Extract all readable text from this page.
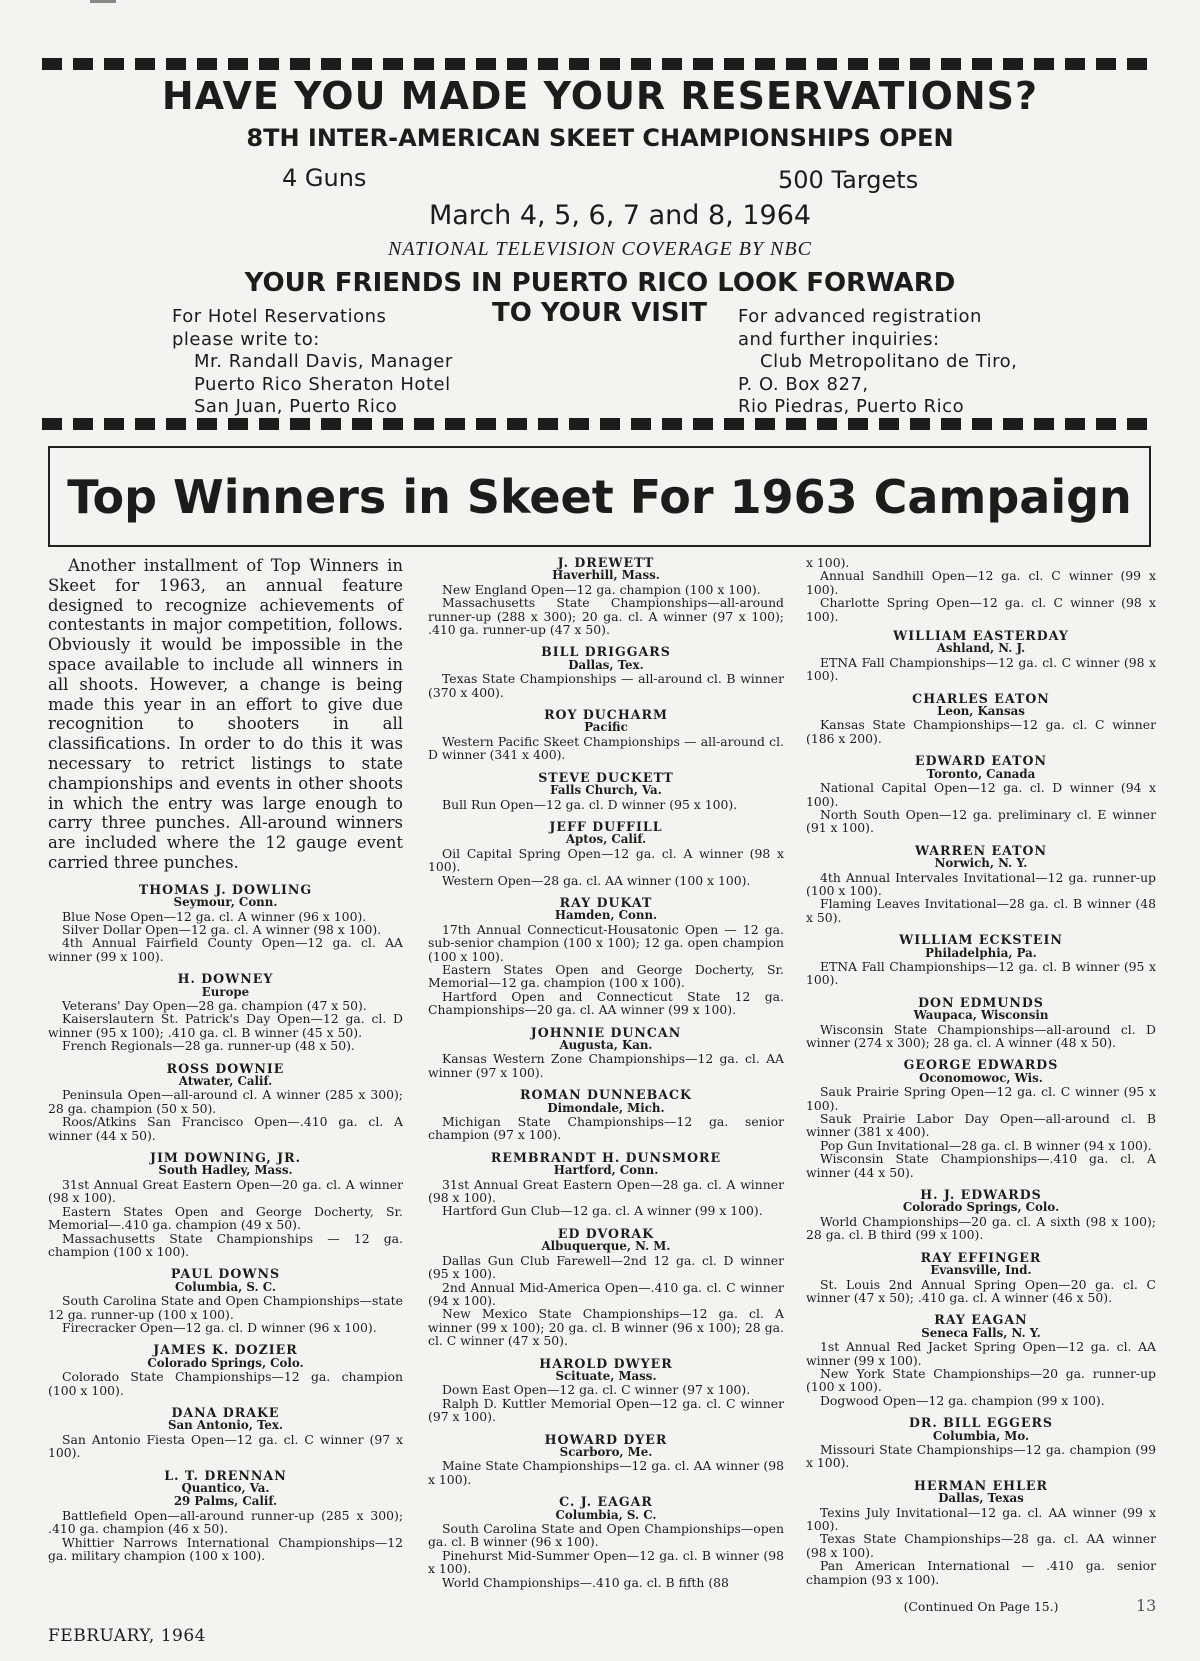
HAVE YOU MADE YOUR RESERVATIONS?
8TH INTER-AMERICAN SKEET CHAMPIONSHIPS OPEN
4 Guns	500 Targets
March 4, 5, 6, 7 and 8, 1964
NATIONAL TELEVISION COVERAGE BY NBC
YOUR FRIENDS IN PUERTO RICO LOOK FORWARD
TO YOUR VISIT
For Hotel Reservations
please write to:
Mr. Randall Davis, Manager
Puerto Rico Sheraton Hotel
San Juan, Puerto Rico
For advanced registration
and further inquiries:
Club Metropolitano de Tiro,
P. O. Box 827,
Rio Piedras, Puerto Rico
Top Winners in Skeet For 1963 Campaign

Another installment of Top Winners in Skeet for 1963, an annual feature designed to recognize achievements of contestants in major competition, follows. Obviously it would be impossible in the space available to include all winners in all shoots. However, a change is being made this year in an effort to give due recognition to shooters in all classifications. In order to do this it was necessary to retrict listings to state championships and events in other shoots in which the entry was large enough to carry three punches. All-around winners are included where the 12 gauge event carried three punches.

THOMAS J. DOWLING
Seymour, Conn.
Blue Nose Open—12 ga. cl. A winner (96 x 100).
Silver Dollar Open—12 ga. cl. A winner (98 x 100).
4th Annual Fairfield County Open—12 ga. cl. AA winner (99 x 100).
H. DOWNEY
Europe
Veterans' Day Open—28 ga. champion (47 x 50).
Kaiserslautern St. Patrick's Day Open—12 ga. cl. D winner (95 x 100); .410 ga. cl. B winner (45 x 50).
French Regionals—28 ga. runner-up (48 x 50).
ROSS DOWNIE
Atwater, Calif.
Peninsula Open—all-around cl. A winner (285 x 300); 28 ga. champion (50 x 50).
Roos/Atkins San Francisco Open—.410 ga. cl. A winner (44 x 50).
JIM DOWNING, JR.
South Hadley, Mass.
31st Annual Great Eastern Open—20 ga. cl. A winner (98 x 100).
Eastern States Open and George Docherty, Sr. Memorial—.410 ga. champion (49 x 50).
Massachusetts State Championships — 12 ga. champion (100 x 100).
PAUL DOWNS
Columbia, S. C.
South Carolina State and Open Championships—state 12 ga. runner-up (100 x 100).
Firecracker Open—12 ga. cl. D winner (96 x 100).
JAMES K. DOZIER
Colorado Springs, Colo.
Colorado State Championships—12 ga. champion (100 x 100).
DANA DRAKE
San Antonio, Tex.
San Antonio Fiesta Open—12 ga. cl. C winner (97 x 100).
L. T. DRENNAN
Quantico, Va.
29 Palms, Calif.
Battlefield Open—all-around runner-up (285 x 300); .410 ga. champion (46 x 50).
Whittier Narrows International Championships—12 ga. military champion (100 x 100).
J. DREWETT
Haverhill, Mass.
New England Open—12 ga. champion (100 x 100).
Massachusetts State Championships—all-around runner-up (288 x 300); 20 ga. cl. A winner (97 x 100); .410 ga. runner-up (47 x 50).
BILL DRIGGARS
Dallas, Tex.
Texas State Championships — all-around cl. B winner (370 x 400).
ROY DUCHARM
Pacific
Western Pacific Skeet Championships — all-around cl. D winner (341 x 400).
STEVE DUCKETT
Falls Church, Va.
Bull Run Open—12 ga. cl. D winner (95 x 100).
JEFF DUFFILL
Aptos, Calif.
Oil Capital Spring Open—12 ga. cl. A winner (98 x 100).
Western Open—28 ga. cl. AA winner (100 x 100).
RAY DUKAT
Hamden, Conn.
17th Annual Connecticut-Housatonic Open — 12 ga. sub-senior champion (100 x 100); 12 ga. open champion (100 x 100).
Eastern States Open and George Docherty, Sr. Memorial—12 ga. champion (100 x 100).
Hartford Open and Connecticut State 12 ga. Championships—20 ga. cl. AA winner (99 x 100).
JOHNNIE DUNCAN
Augusta, Kan.
Kansas Western Zone Championships—12 ga. cl. AA winner (97 x 100).
ROMAN DUNNEBACK
Dimondale, Mich.
Michigan State Championships—12 ga. senior champion (97 x 100).
REMBRANDT H. DUNSMORE
Hartford, Conn.
31st Annual Great Eastern Open—28 ga. cl. A winner (98 x 100).
Hartford Gun Club—12 ga. cl. A winner (99 x 100).
ED DVORAK
Albuquerque, N. M.
Dallas Gun Club Farewell—2nd 12 ga. cl. D winner (95 x 100).
2nd Annual Mid-America Open—.410 ga. cl. C winner (94 x 100).
New Mexico State Championships—12 ga. cl. A winner (99 x 100); 20 ga. cl. B winner (96 x 100); 28 ga. cl. C winner (47 x 50).
HAROLD DWYER
Scituate, Mass.
Down East Open—12 ga. cl. C winner (97 x 100).
Ralph D. Kuttler Memorial Open—12 ga. cl. C winner (97 x 100).
HOWARD DYER
Scarboro, Me.
Maine State Championships—12 ga. cl. AA winner (98 x 100).
C. J. EAGAR
Columbia, S. C.
South Carolina State and Open Championships—open ga. cl. B winner (96 x 100).
Pinehurst Mid-Summer Open—12 ga. cl. B winner (98 x 100).
World Championships—.410 ga. cl. B fifth (88
x 100).
Annual Sandhill Open—12 ga. cl. C winner (99 x 100).
Charlotte Spring Open—12 ga. cl. C winner (98 x 100).
WILLIAM EASTERDAY
Ashland, N. J.
ETNA Fall Championships—12 ga. cl. C winner (98 x 100).
CHARLES EATON
Leon, Kansas
Kansas State Championships—12 ga. cl. C winner (186 x 200).
EDWARD EATON
Toronto, Canada
National Capital Open—12 ga. cl. D winner (94 x 100).
North South Open—12 ga. preliminary cl. E winner (91 x 100).
WARREN EATON
Norwich, N. Y.
4th Annual Intervales Invitational—12 ga. runner-up (100 x 100).
Flaming Leaves Invitational—28 ga. cl. B winner (48 x 50).
WILLIAM ECKSTEIN
Philadelphia, Pa.
ETNA Fall Championships—12 ga. cl. B winner (95 x 100).
DON EDMUNDS
Waupaca, Wisconsin
Wisconsin State Championships—all-around cl. D winner (274 x 300); 28 ga. cl. A winner (48 x 50).
GEORGE EDWARDS
Oconomowoc, Wis.
Sauk Prairie Spring Open—12 ga. cl. C winner (95 x 100).
Sauk Prairie Labor Day Open—all-around cl. B winner (381 x 400).
Pop Gun Invitational—28 ga. cl. B winner (94 x 100).
Wisconsin State Championships—.410 ga. cl. A winner (44 x 50).
H. J. EDWARDS
Colorado Springs, Colo.
World Championships—20 ga. cl. A sixth (98 x 100); 28 ga. cl. B third (99 x 100).
RAY EFFINGER
Evansville, Ind.
St. Louis 2nd Annual Spring Open—20 ga. cl. C winner (47 x 50); .410 ga. cl. A winner (46 x 50).
RAY EAGAN
Seneca Falls, N. Y.
1st Annual Red Jacket Spring Open—12 ga. cl. AA winner (99 x 100).
New York State Championships—20 ga. runner-up (100 x 100).
Dogwood Open—12 ga. champion (99 x 100).
DR. BILL EGGERS
Columbia, Mo.
Missouri State Championships—12 ga. champion (99 x 100).
HERMAN EHLER
Dallas, Texas
Texins July Invitational—12 ga. cl. AA winner (99 x 100).
Texas State Championships—28 ga. cl. AA winner (98 x 100).
Pan American International — .410 ga. senior champion (93 x 100).
(Continued On Page 15.)	13
FEBRUARY, 1964
